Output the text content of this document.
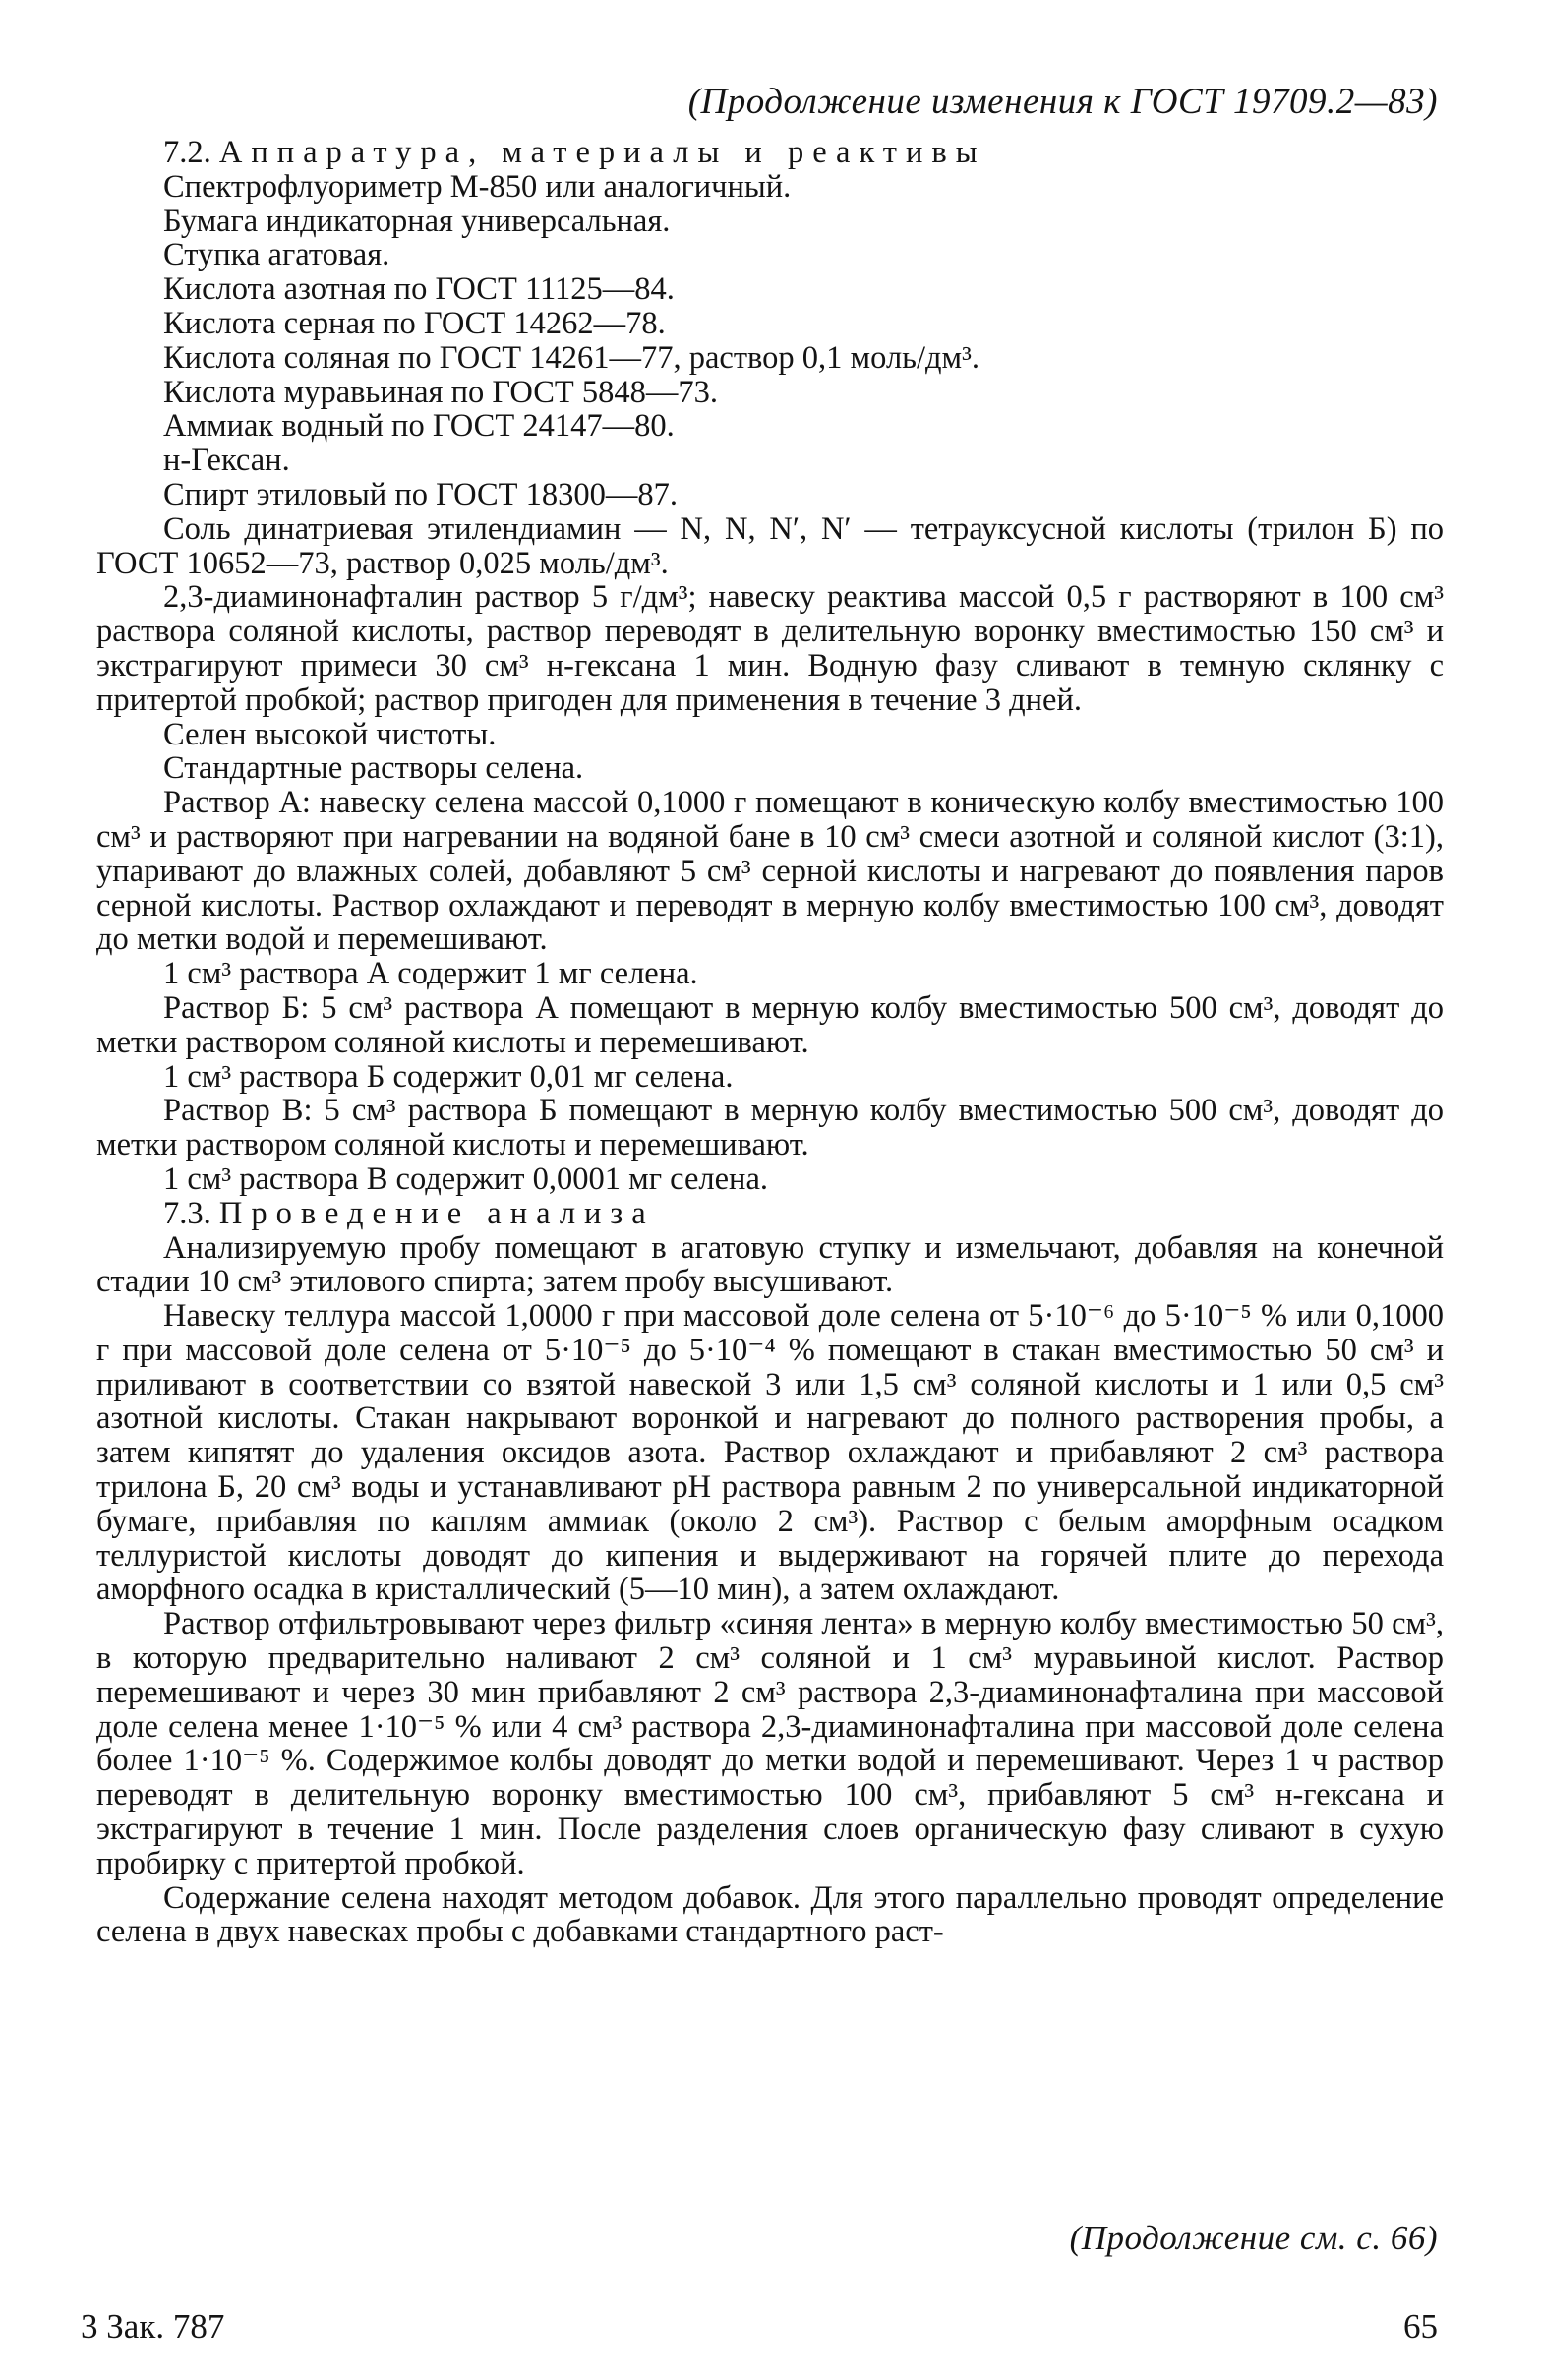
(Продолжение изменения к ГОСТ 19709.2—83)

7.2. Аппаратура, материалы и реактивы

Спектрофлуориметр М-850 или аналогичный.

Бумага индикаторная универсальная.

Ступка агатовая.

Кислота азотная по ГОСТ 11125—84.

Кислота серная по ГОСТ 14262—78.

Кислота соляная по ГОСТ 14261—77, раствор 0,1 моль/дм³.

Кислота муравьиная по ГОСТ 5848—73.

Аммиак водный по ГОСТ 24147—80.

н-Гексан.

Спирт этиловый по ГОСТ 18300—87.

Соль динатриевая этилендиамин — N, N, N′, N′ — тетрауксусной кислоты (трилон Б) по ГОСТ 10652—73, раствор 0,025 моль/дм³.

2,3-диаминонафталин раствор 5 г/дм³; навеску реактива массой 0,5 г растворяют в 100 см³ раствора соляной кислоты, раствор переводят в делительную воронку вместимостью 150 см³ и экстрагируют примеси 30 см³ н-гексана 1 мин. Водную фазу сливают в темную склянку с притертой пробкой; раствор пригоден для применения в течение 3 дней.

Селен высокой чистоты.

Стандартные растворы селена.

Раствор А: навеску селена массой 0,1000 г помещают в коническую колбу вместимостью 100 см³ и растворяют при нагревании на водяной бане в 10 см³ смеси азотной и соляной кислот (3:1), упаривают до влажных солей, добавляют 5 см³ серной кислоты и нагревают до появления паров серной кислоты. Раствор охлаждают и переводят в мерную колбу вместимостью 100 см³, доводят до метки водой и перемешивают.

1 см³ раствора А содержит 1 мг селена.

Раствор Б: 5 см³ раствора А помещают в мерную колбу вместимостью 500 см³, доводят до метки раствором соляной кислоты и перемешивают.

1 см³ раствора Б содержит 0,01 мг селена.

Раствор В: 5 см³ раствора Б помещают в мерную колбу вместимостью 500 см³, доводят до метки раствором соляной кислоты и перемешивают.

1 см³ раствора В содержит 0,0001 мг селена.

7.3. Проведение анализа

Анализируемую пробу помещают в агатовую ступку и измельчают, добавляя на конечной стадии 10 см³ этилового спирта; затем пробу высушивают.

Навеску теллура массой 1,0000 г при массовой доле селена от 5·10⁻⁶ до 5·10⁻⁵ % или 0,1000 г при массовой доле селена от 5·10⁻⁵ до 5·10⁻⁴ % помещают в стакан вместимостью 50 см³ и приливают в соответствии со взятой навеской 3 или 1,5 см³ соляной кислоты и 1 или 0,5 см³ азотной кислоты. Стакан накрывают воронкой и нагревают до полного растворения пробы, а затем кипятят до удаления оксидов азота. Раствор охлаждают и прибавляют 2 см³ раствора трилона Б, 20 см³ воды и устанавливают pH раствора равным 2 по универсальной индикаторной бумаге, прибавляя по каплям аммиак (около 2 см³). Раствор с белым аморфным осадком теллуристой кислоты доводят до кипения и выдерживают на горячей плите до перехода аморфного осадка в кристаллический (5—10 мин), а затем охлаждают.

Раствор отфильтровывают через фильтр «синяя лента» в мерную колбу вместимостью 50 см³, в которую предварительно наливают 2 см³ соляной и 1 см³ муравьиной кислот. Раствор перемешивают и через 30 мин прибавляют 2 см³ раствора 2,3-диаминонафталина при массовой доле селена менее 1·10⁻⁵ % или 4 см³ раствора 2,3-диаминонафталина при массовой доле селена более 1·10⁻⁵ %. Содержимое колбы доводят до метки водой и перемешивают. Через 1 ч раствор переводят в делительную воронку вместимостью 100 см³, прибавляют 5 см³ н-гексана и экстрагируют в течение 1 мин. После разделения слоев органическую фазу сливают в сухую пробирку с притертой пробкой.

Содержание селена находят методом добавок. Для этого параллельно проводят определение селена в двух навесках пробы с добавками стандартного раст-

(Продолжение см. с. 66)
3 Зак. 787	65
